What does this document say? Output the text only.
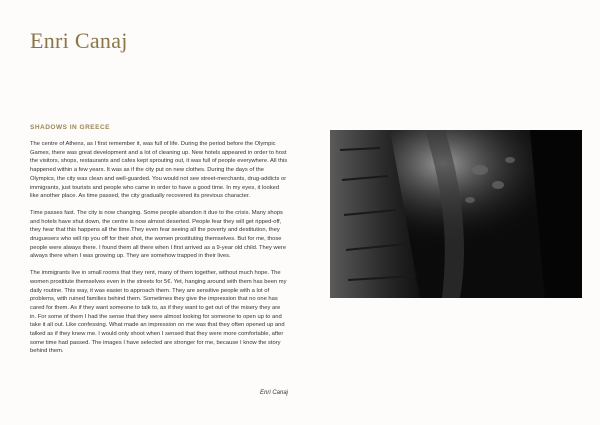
Enri Canaj
SHADOWS IN GREECE

The centre of Athens, as I first remember it, was full of life. During the period before the Olympic Games, there was great development and a lot of cleaning up. New hotels appeared in order to host the visitors, shops, restaurants and cafes kept sprouting out, it was full of people everywhere. All this happened within a few years. It was as if the city put on new clothes. During the days of the Olympics, the city was clean and well-guarded. You would not see street-merchants, drug-addicts or immigrants, just tourists and people who came in order to have a good time. In my eyes, it looked like another place. As time passed, the city gradually recovered its previous character.

Time passes fast. The city is now changing. Some people abandon it due to the crisis. Many shops and hotels have shut down, the centre is now almost deserted. People fear they will get ripped-off, they hear that this happens all the time.They even fear seeing all the poverty and destitution, they druguesers who will rip you off for their shot, the women prostituting themselves. But for me, those people were always there. I found them all there when I first arrived as a 9-year old child. They were always there when I was growing up. They are somehow trapped in their lives.

The immigrants live in small rooms that they rent, many of them together, without much hope. The women prostitute themselves even in the streets for 5€. Yet, hanging around with them has been my daily routine. This way, it was easier to approach them. They are sensitive people with a lot of problems, with ruined families behind them. Sometimes they give the impression that no one has cared for them. As if they want someone to talk to, as if they want to get out of the misery they are in. For some of them I had the sense that they were almost looking for someone to open up to and take it all out. Like confessing. What made an impression on me was that they often opened up and talked as if they knew me. I would only shoot when I sensed that they were more comfortable, after some time had passed. The images I have selected are stronger for me, because I know the story behind them.

Enri Canaj
